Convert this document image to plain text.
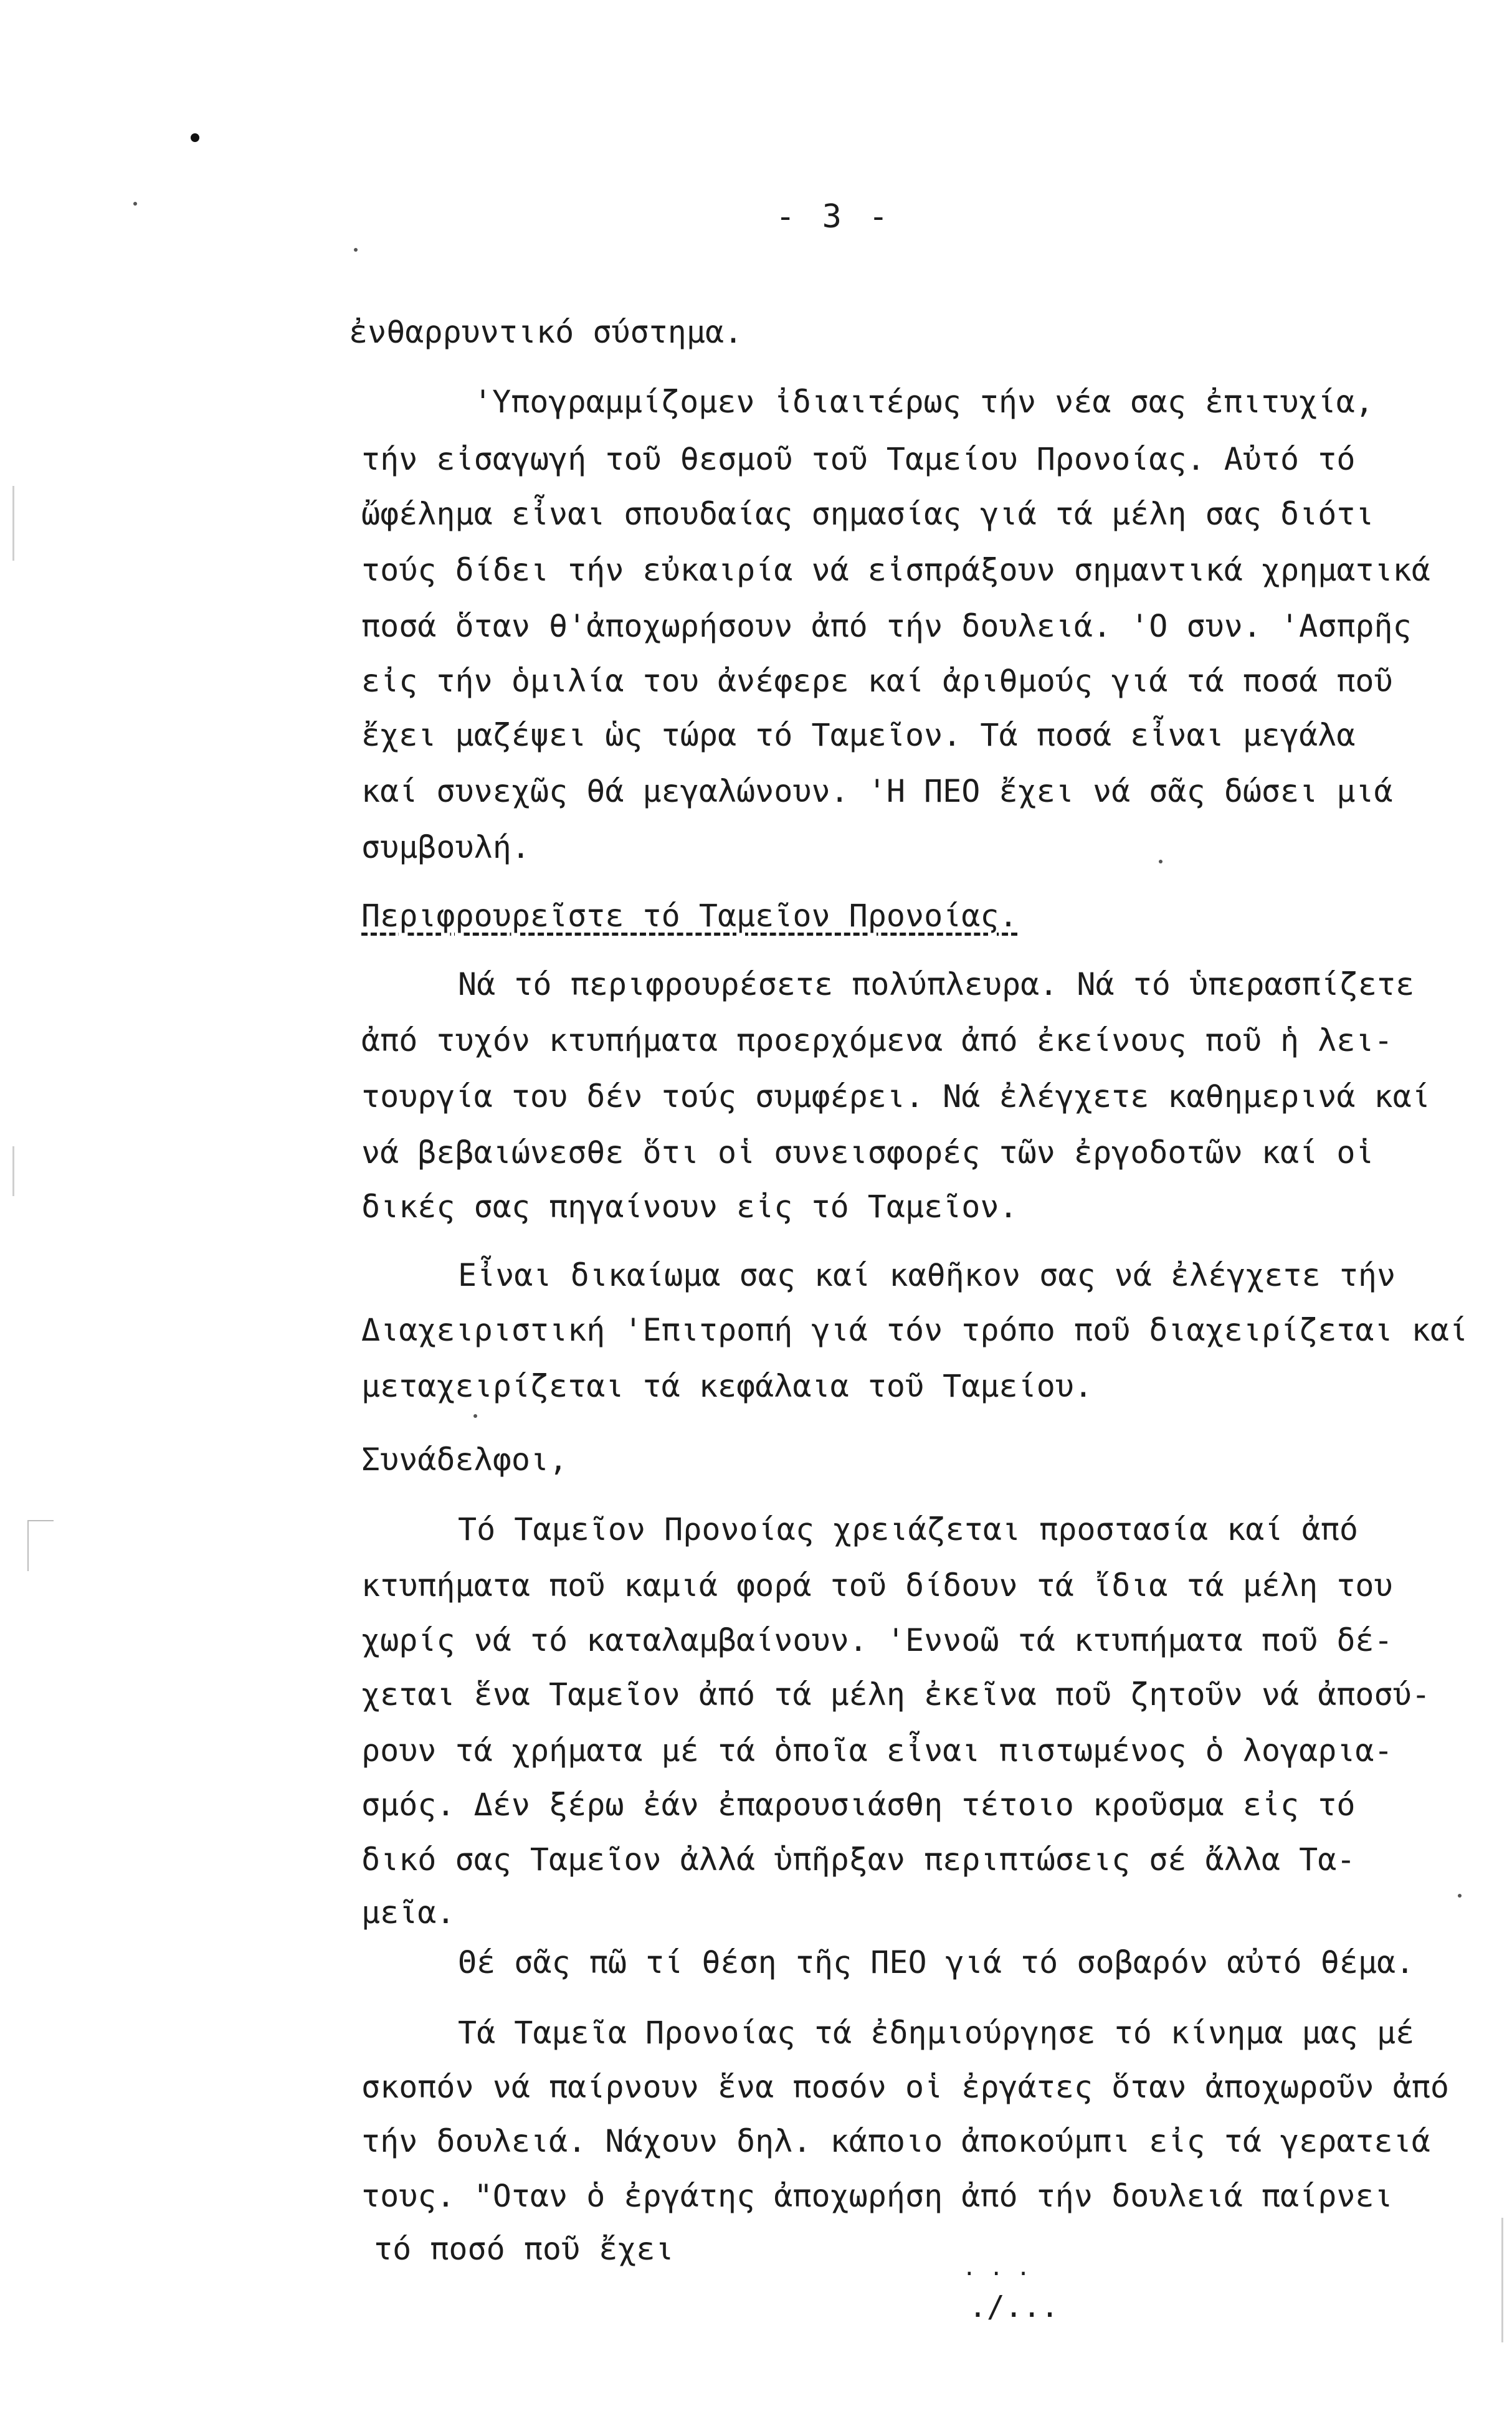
- 3 -
ἐνθαρρυντικό σύστημα.
'Υπογραμμίζομεν ἰδιαιτέρως τήν νέα σας ἐπιτυχία,
τήν εἰσαγωγή τοῦ θεσμοῦ τοῦ Ταμείου Προνοίας. Αὐτό τό
ὤφέλημα εἶναι σπουδαίας σημασίας γιά τά μέλη σας διότι
τούς δίδει τήν εὐκαιρία νά εἰσπράξουν σημαντικά χρηματικά
ποσά ὅταν θ'ἀποχωρήσουν ἀπό τήν δουλειά. 'Ο συν. 'Ασπρῆς
εἰς τήν ὁμιλία του ἀνέφερε καί ἀριθμούς γιά τά ποσά ποῦ
ἔχει μαζέψει ὡς τώρα τό Ταμεῖον. Τά ποσά εἶναι μεγάλα
καί συνεχῶς θά μεγαλώνουν. 'Η ΠΕΟ ἔχει νά σᾶς δώσει μιά
συμβουλή.
Περιφρουρεῖστε τό Ταμεῖον Προνοίας.
Νά τό περιφρουρέσετε πολύπλευρα. Νά τό ὑπερασπίζετε
ἀπό τυχόν κτυπήματα προερχόμενα ἀπό ἐκείνους ποῦ ἡ λει-
τουργία του δέν τούς συμφέρει. Νά ἐλέγχετε καθημερινά καί
νά βεβαιώνεσθε ὅτι οἱ συνεισφορές τῶν ἐργοδοτῶν καί οἱ
δικές σας πηγαίνουν εἰς τό Ταμεῖον.
Εἶναι δικαίωμα σας καί καθῆκον σας νά ἐλέγχετε τήν
Διαχειριστική 'Επιτροπή γιά τόν τρόπο ποῦ διαχειρίζεται καί
μεταχειρίζεται τά κεφάλαια τοῦ Ταμείου.
Συνάδελφοι,
Τό Ταμεῖον Προνοίας χρειάζεται προστασία καί ἀπό
κτυπήματα ποῦ καμιά φορά τοῦ δίδουν τά ἴδια τά μέλη του
χωρίς νά τό καταλαμβαίνουν. 'Εννοῶ τά κτυπήματα ποῦ δέ-
χεται ἕνα Ταμεῖον ἀπό τά μέλη ἐκεῖνα ποῦ ζητοῦν νά ἀποσύ-
ρουν τά χρήματα μέ τά ὁποῖα εἶναι πιστωμένος ὁ λογαρια-
σμός. Δέν ξέρω ἐάν ἐπαρουσιάσθη τέτοιο κροῦσμα εἰς τό
δικό σας Ταμεῖον ἀλλά ὑπῆρξαν περιπτώσεις σέ ἄλλα Τα-
μεῖα.
Θέ σᾶς πῶ τί θέση τῆς ΠΕΟ γιά τό σοβαρόν αὐτό θέμα.
Τά Ταμεῖα Προνοίας τά ἐδημιούργησε τό κίνημα μας μέ
σκοπόν νά παίρνουν ἕνα ποσόν οἱ ἐργάτες ὅταν ἀποχωροῦν ἀπό
τήν δουλειά. Νάχουν δηλ. κάποιο ἀποκούμπι εἰς τά γερατειά
τους. "Οταν ὁ ἐργάτης ἀποχωρήση ἀπό τήν δουλειά παίρνει
τό ποσό ποῦ ἔχει
. . .
./...
